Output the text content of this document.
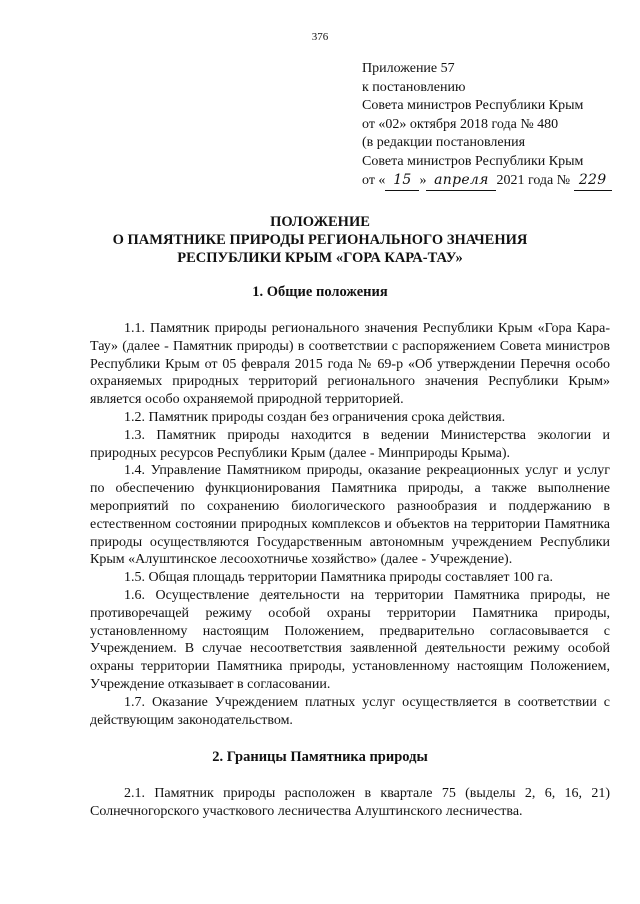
376
Приложение 57
к постановлению
Совета министров Республики Крым
от «02» октября 2018 года № 480
(в редакции постановления
Совета министров Республики Крым
от « 15 » апреля 2021 года № 229
ПОЛОЖЕНИЕ
О ПАМЯТНИКЕ ПРИРОДЫ РЕГИОНАЛЬНОГО ЗНАЧЕНИЯ
РЕСПУБЛИКИ КРЫМ «ГОРА КАРА-ТАУ»
1. Общие положения

1.1. Памятник природы регионального значения Республики Крым «Гора Кара-Тау» (далее - Памятник природы) в соответствии с распоряжением Совета министров Республики Крым от 05 февраля 2015 года № 69-р «Об утверждении Перечня особо охраняемых природных территорий регионального значения Республики Крым» является особо охраняемой природной территорией.

1.2. Памятник природы создан без ограничения срока действия.

1.3. Памятник природы находится в ведении Министерства экологии и природных ресурсов Республики Крым (далее - Минприроды Крыма).

1.4. Управление Памятником природы, оказание рекреационных услуг и услуг по обеспечению функционирования Памятника природы, а также выполнение мероприятий по сохранению биологического разнообразия и поддержанию в естественном состоянии природных комплексов и объектов на территории Памятника природы осуществляются Государственным автономным учреждением Республики Крым «Алуштинское лесоохотничье хозяйство» (далее - Учреждение).

1.5. Общая площадь территории Памятника природы составляет 100 га.

1.6. Осуществление деятельности на территории Памятника природы, не противоречащей режиму особой охраны территории Памятника природы, установленному настоящим Положением, предварительно согласовывается с Учреждением. В случае несоответствия заявленной деятельности режиму особой охраны территории Памятника природы, установленному настоящим Положением, Учреждение отказывает в согласовании.

1.7. Оказание Учреждением платных услуг осуществляется в соответствии с действующим законодательством.

2. Границы Памятника природы

2.1. Памятник природы расположен в квартале 75 (выделы 2, 6, 16, 21) Солнечногорского участкового лесничества Алуштинского лесничества.
